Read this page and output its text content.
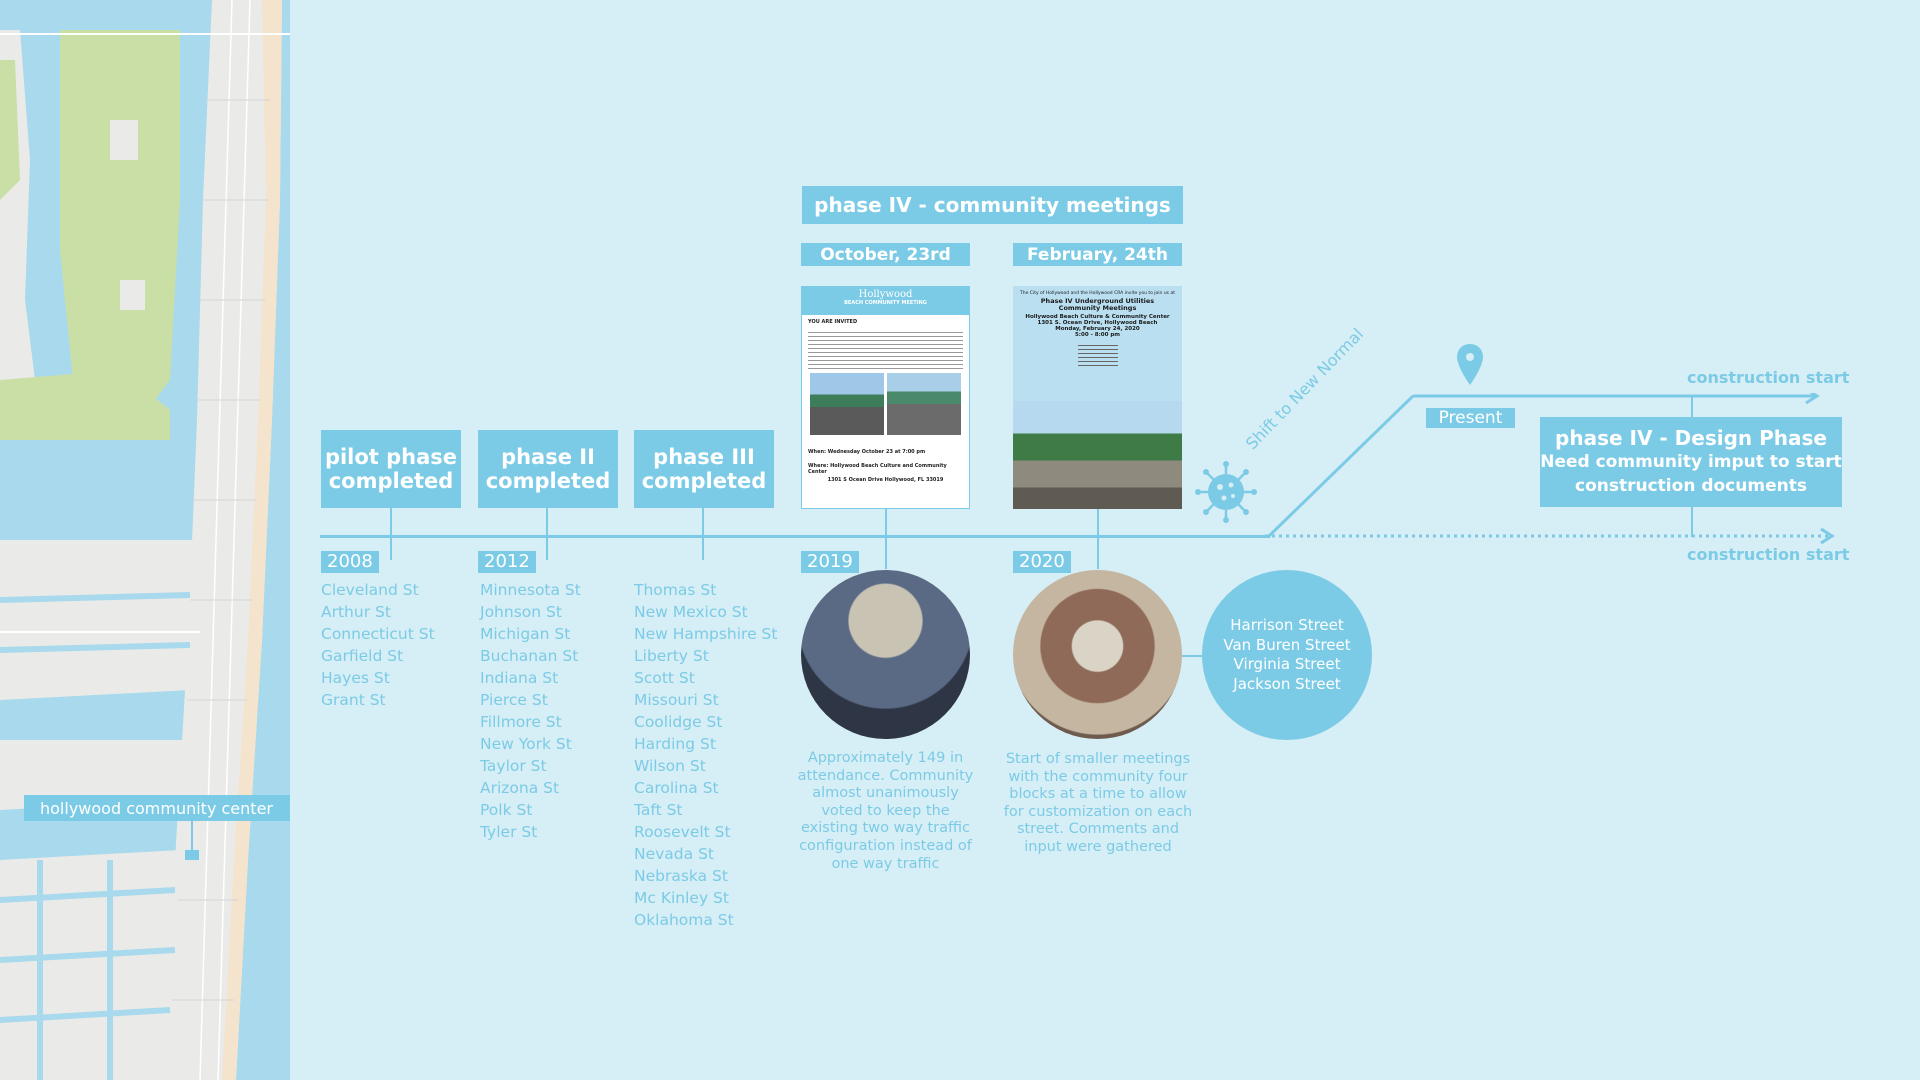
hollywood community center
construction start
construction start
pilot phase
completed
2008
Cleveland St
Arthur St
Connecticut St
Garfield St
Hayes St
Grant St
phase II
completed
2012
Minnesota St
Johnson St
Michigan St
Buchanan St
Indiana St
Pierce St
Fillmore St
New York St
Taylor St
Arizona St
Polk St
Tyler St
phase III
completed
Thomas St
New Mexico St
New Hampshire St
Liberty St
Scott St
Missouri St
Coolidge St
Harding St
Wilson St
Carolina St
Taft St
Roosevelt St
Nevada St
Nebraska St
Mc Kinley St
Oklahoma St
phase IV - community meetings
October, 23rd	February, 24th
Hollywood
BEACH COMMUNITY MEETING
YOU ARE INVITED
When: Wednesday October 23 at 7:00 pm
Where: Hollywood Beach Culture and Community Center
1301 S Ocean Drive Hollywood, FL 33019
The City of Hollywood and the Hollywood CRA invite you to join us at
Phase IV Underground Utilities Community Meetings
Hollywood Beach Culture & Community Center
1301 S. Ocean Drive, Hollywood Beach
Monday, February 24, 2020
5:00 - 8:00 pm
2019	2020
Approximately 149 in attendance. Community almost unanimously voted to keep the existing two way traffic configuration instead of one way traffic
Start of smaller meetings with the community four blocks at a time to allow for customization on each street. Comments and input were gathered
Harrison Street
Van Buren Street
Virginia Street
Jackson Street
Shift to New Normal	Present
phase IV - Design Phase
Need community imput to start
construction documents
